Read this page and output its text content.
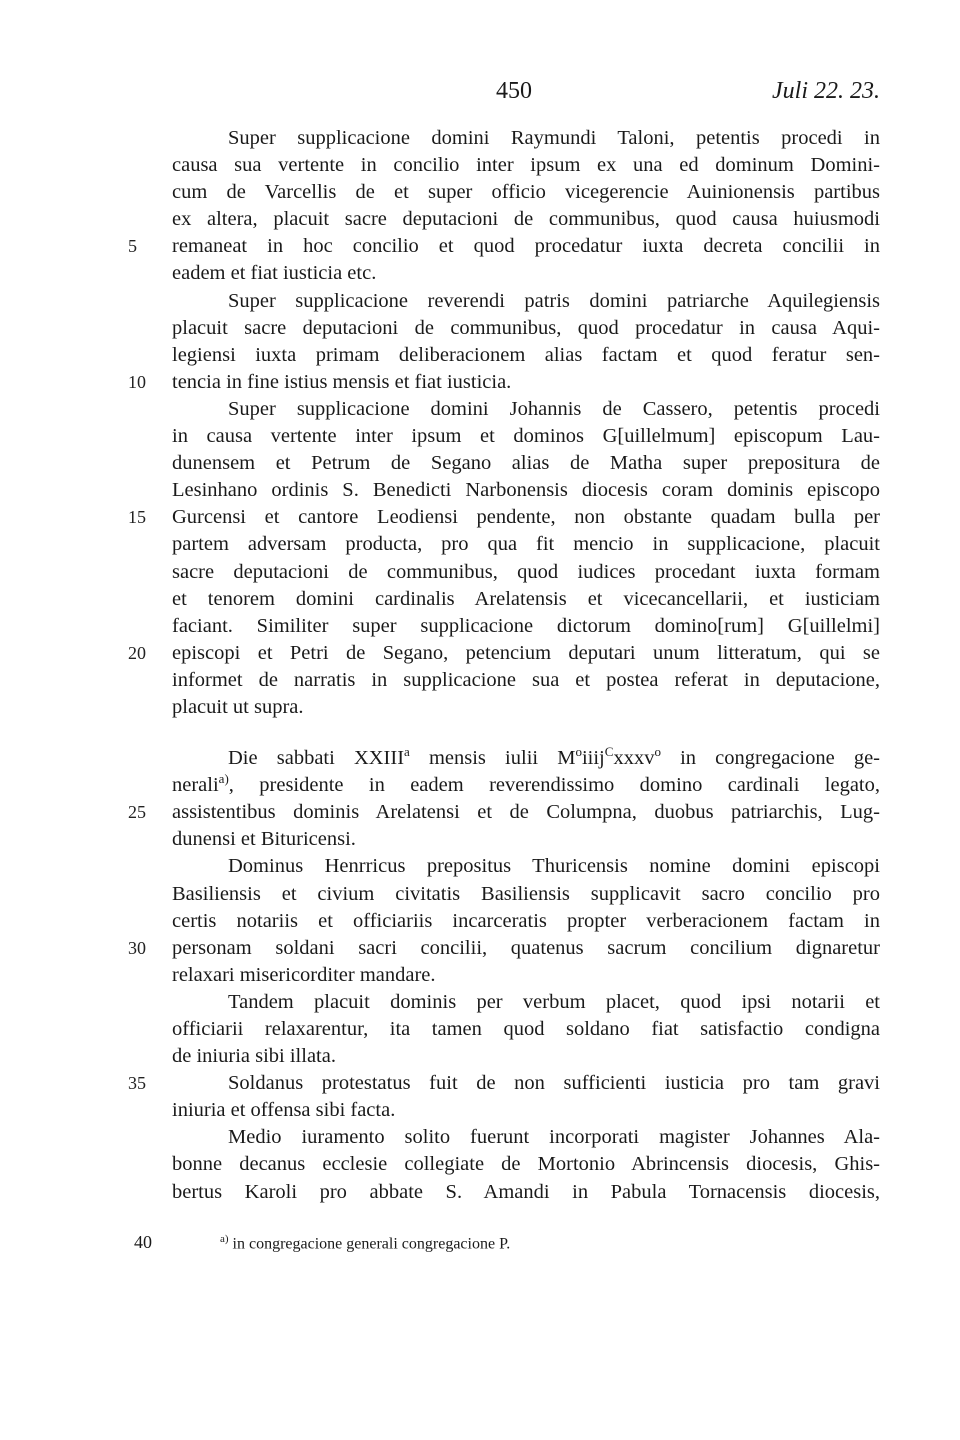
450	Juli 22. 23.
Super supplicacione domini Raymundi Taloni, petentis procedi in
causa sua vertente in concilio inter ipsum ex una ed dominum Domini-
cum de Varcellis de et super officio vicegerencie Auinionensis partibus
ex altera, placuit sacre deputacioni de communibus, quod causa huiusmodi
5	remaneat in hoc concilio et quod procedatur iuxta decreta concilii in
eadem et fiat iusticia etc.
Super supplicacione reverendi patris domini patriarche Aquilegiensis
placuit sacre deputacioni de communibus, quod procedatur in causa Aqui-
legiensi iuxta primam deliberacionem alias factam et quod feratur sen-
10	tencia in fine istius mensis et fiat iusticia.
Super supplicacione domini Johannis de Cassero, petentis procedi
in causa vertente inter ipsum et dominos G[uillelmum] episcopum Lau-
dunensem et Petrum de Segano alias de Matha super prepositura de
Lesinhano ordinis S. Benedicti Narbonensis diocesis coram dominis episcopo
15	Gurcensi et cantore Leodiensi pendente, non obstante quadam bulla per
partem adversam producta, pro qua fit mencio in supplicacione, placuit
sacre deputacioni de communibus, quod iudices procedant iuxta formam
et tenorem domini cardinalis Arelatensis et vicecancellarii, et iusticiam
faciant. Similiter super supplicacione dictorum domino[rum] G[uillelmi]
20	episcopi et Petri de Segano, petencium deputari unum litteratum, qui se
informet de narratis in supplicacione sua et postea referat in deputacione,
placuit ut supra.
Die sabbati XXIII$^a$ mensis iulii $M^oiiij^Cxxxv^o$ in congregacione ge-
nerali$^{a)}$, presidente in eadem reverendissimo domino cardinali legato,
25	assistentibus dominis Arelatensi et de Columpna, duobus patriarchis, Lug-
dunensi et Bituricensi.
Dominus Henrricus prepositus Thuricensis nomine domini episcopi
Basiliensis et civium civitatis Basiliensis supplicavit sacro concilio pro
certis notariis et officiariis incarceratis propter verberacionem factam in
30	personam soldani sacri concilii, quatenus sacrum concilium dignaretur
relaxari misericorditer mandare.
Tandem placuit dominis per verbum placet, quod ipsi notarii et
officiarii relaxarentur, ita tamen quod soldano fiat satisfactio condigna
de iniuria sibi illata.
35	Soldanus protestatus fuit de non sufficienti iusticia pro tam gravi
iniuria et offensa sibi facta.
Medio iuramento solito fuerunt incorporati magister Johannes Ala-
bonne decanus ecclesie collegiate de Mortonio Abrincensis diocesis, Ghis-
bertus Karoli pro abbate S. Amandi in Pabula Tornacensis diocesis,
40	$^{a)}$ in congregacione generali congregacione P.
